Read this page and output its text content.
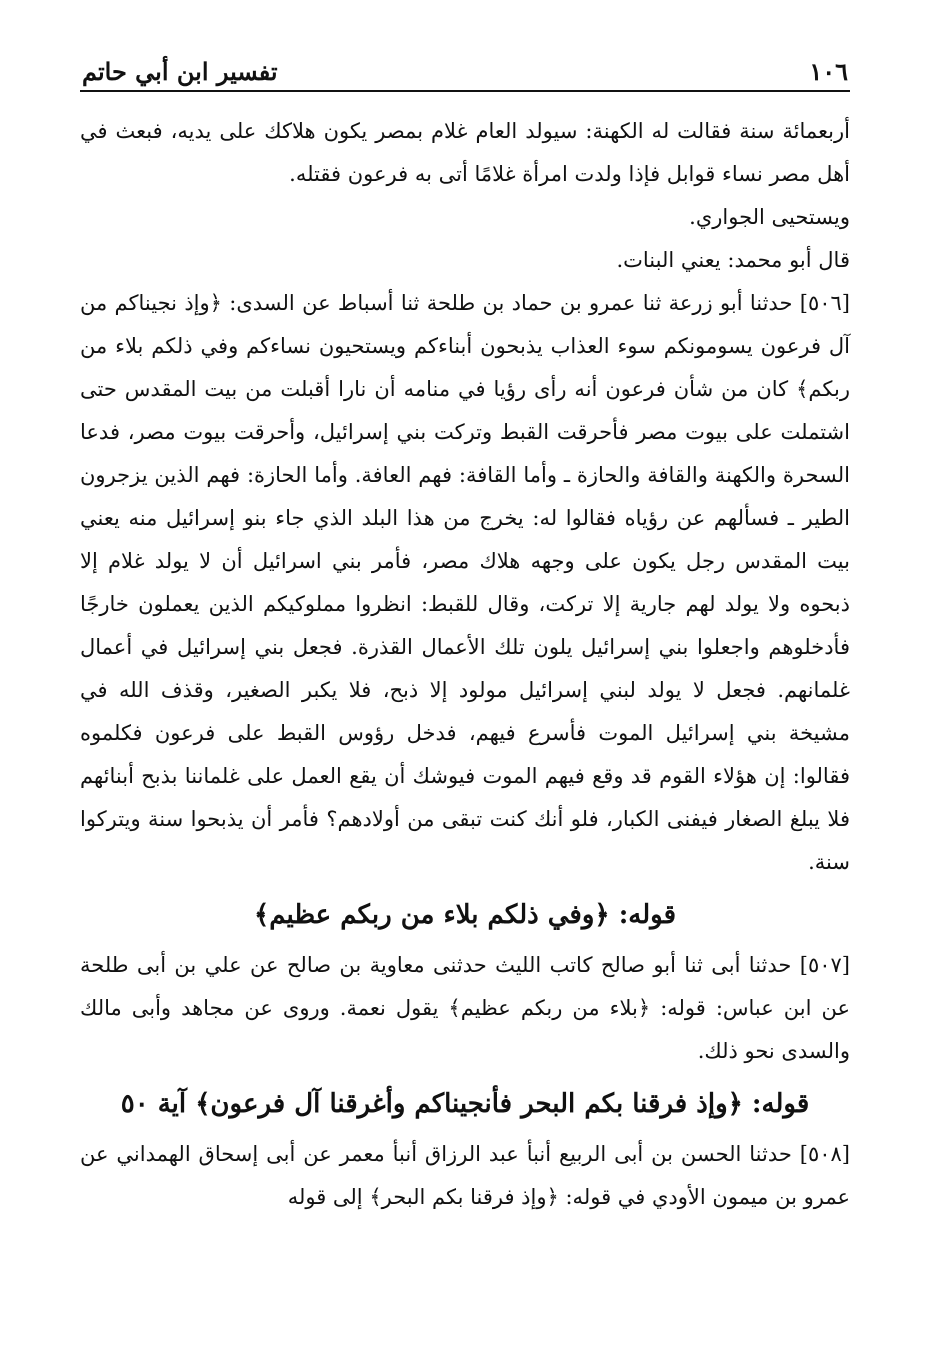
١٠٦
تفسير ابن أبي حاتم

أربعمائة سنة فقالت له الكهنة: سيولد العام غلام بمصر يكون هلاكك على يديه، فبعث في أهل مصر نساء قوابل فإذا ولدت امرأة غلامًا أتى به فرعون فقتله.

ويستحيى الجواري.

قال أبو محمد: يعني البنات.

[٥٠٦] حدثنا أبو زرعة ثنا عمرو بن حماد بن طلحة ثنا أسباط عن السدى: ﴿وإذ نجيناكم من آل فرعون يسومونكم سوء العذاب يذبحون أبناءكم ويستحيون نساءكم وفي ذلكم بلاء من ربكم﴾ كان من شأن فرعون أنه رأى رؤيا في منامه أن نارا أقبلت من بيت المقدس حتى اشتملت على بيوت مصر فأحرقت القبط وتركت بني إسرائيل، وأحرقت بيوت مصر، فدعا السحرة والكهنة والقافة والحازة ـ وأما القافة: فهم العافة. وأما الحازة: فهم الذين يزجرون الطير ـ فسألهم عن رؤياه فقالوا له: يخرج من هذا البلد الذي جاء بنو إسرائيل منه يعني بيت المقدس رجل يكون على وجهه هلاك مصر، فأمر بني اسرائيل أن لا يولد غلام إلا ذبحوه ولا يولد لهم جارية إلا تركت، وقال للقبط: انظروا مملوكيكم الذين يعملون خارجًا فأدخلوهم واجعلوا بني إسرائيل يلون تلك الأعمال القذرة. فجعل بني إسرائيل في أعمال غلمانهم. فجعل لا يولد لبني إسرائيل مولود إلا ذبح، فلا يكبر الصغير، وقذف الله في مشيخة بني إسرائيل الموت فأسرع فيهم، فدخل رؤوس القبط على فرعون فكلموه فقالوا: إن هؤلاء القوم قد وقع فيهم الموت فيوشك أن يقع العمل على غلماننا بذبح أبنائهم فلا يبلغ الصغار فيفنى الكبار، فلو أنك كنت تبقى من أولادهم؟ فأمر أن يذبحوا سنة ويتركوا سنة.

قوله: ﴿وفي ذلكم بلاء من ربكم عظيم﴾

[٥٠٧] حدثنا أبى ثنا أبو صالح كاتب الليث حدثنى معاوية بن صالح عن علي بن أبى طلحة عن ابن عباس: قوله: ﴿بلاء من ربكم عظيم﴾ يقول نعمة. وروى عن مجاهد وأبى مالك والسدى نحو ذلك.

قوله: ﴿وإذ فرقنا بكم البحر فأنجيناكم وأغرقنا آل فرعون﴾ آية ٥٠

[٥٠٨] حدثنا الحسن بن أبى الربيع أنبأ عبد الرزاق أنبأ معمر عن أبى إسحاق الهمداني عن عمرو بن ميمون الأودي في قوله: ﴿وإذ فرقنا بكم البحر﴾ إلى قوله
